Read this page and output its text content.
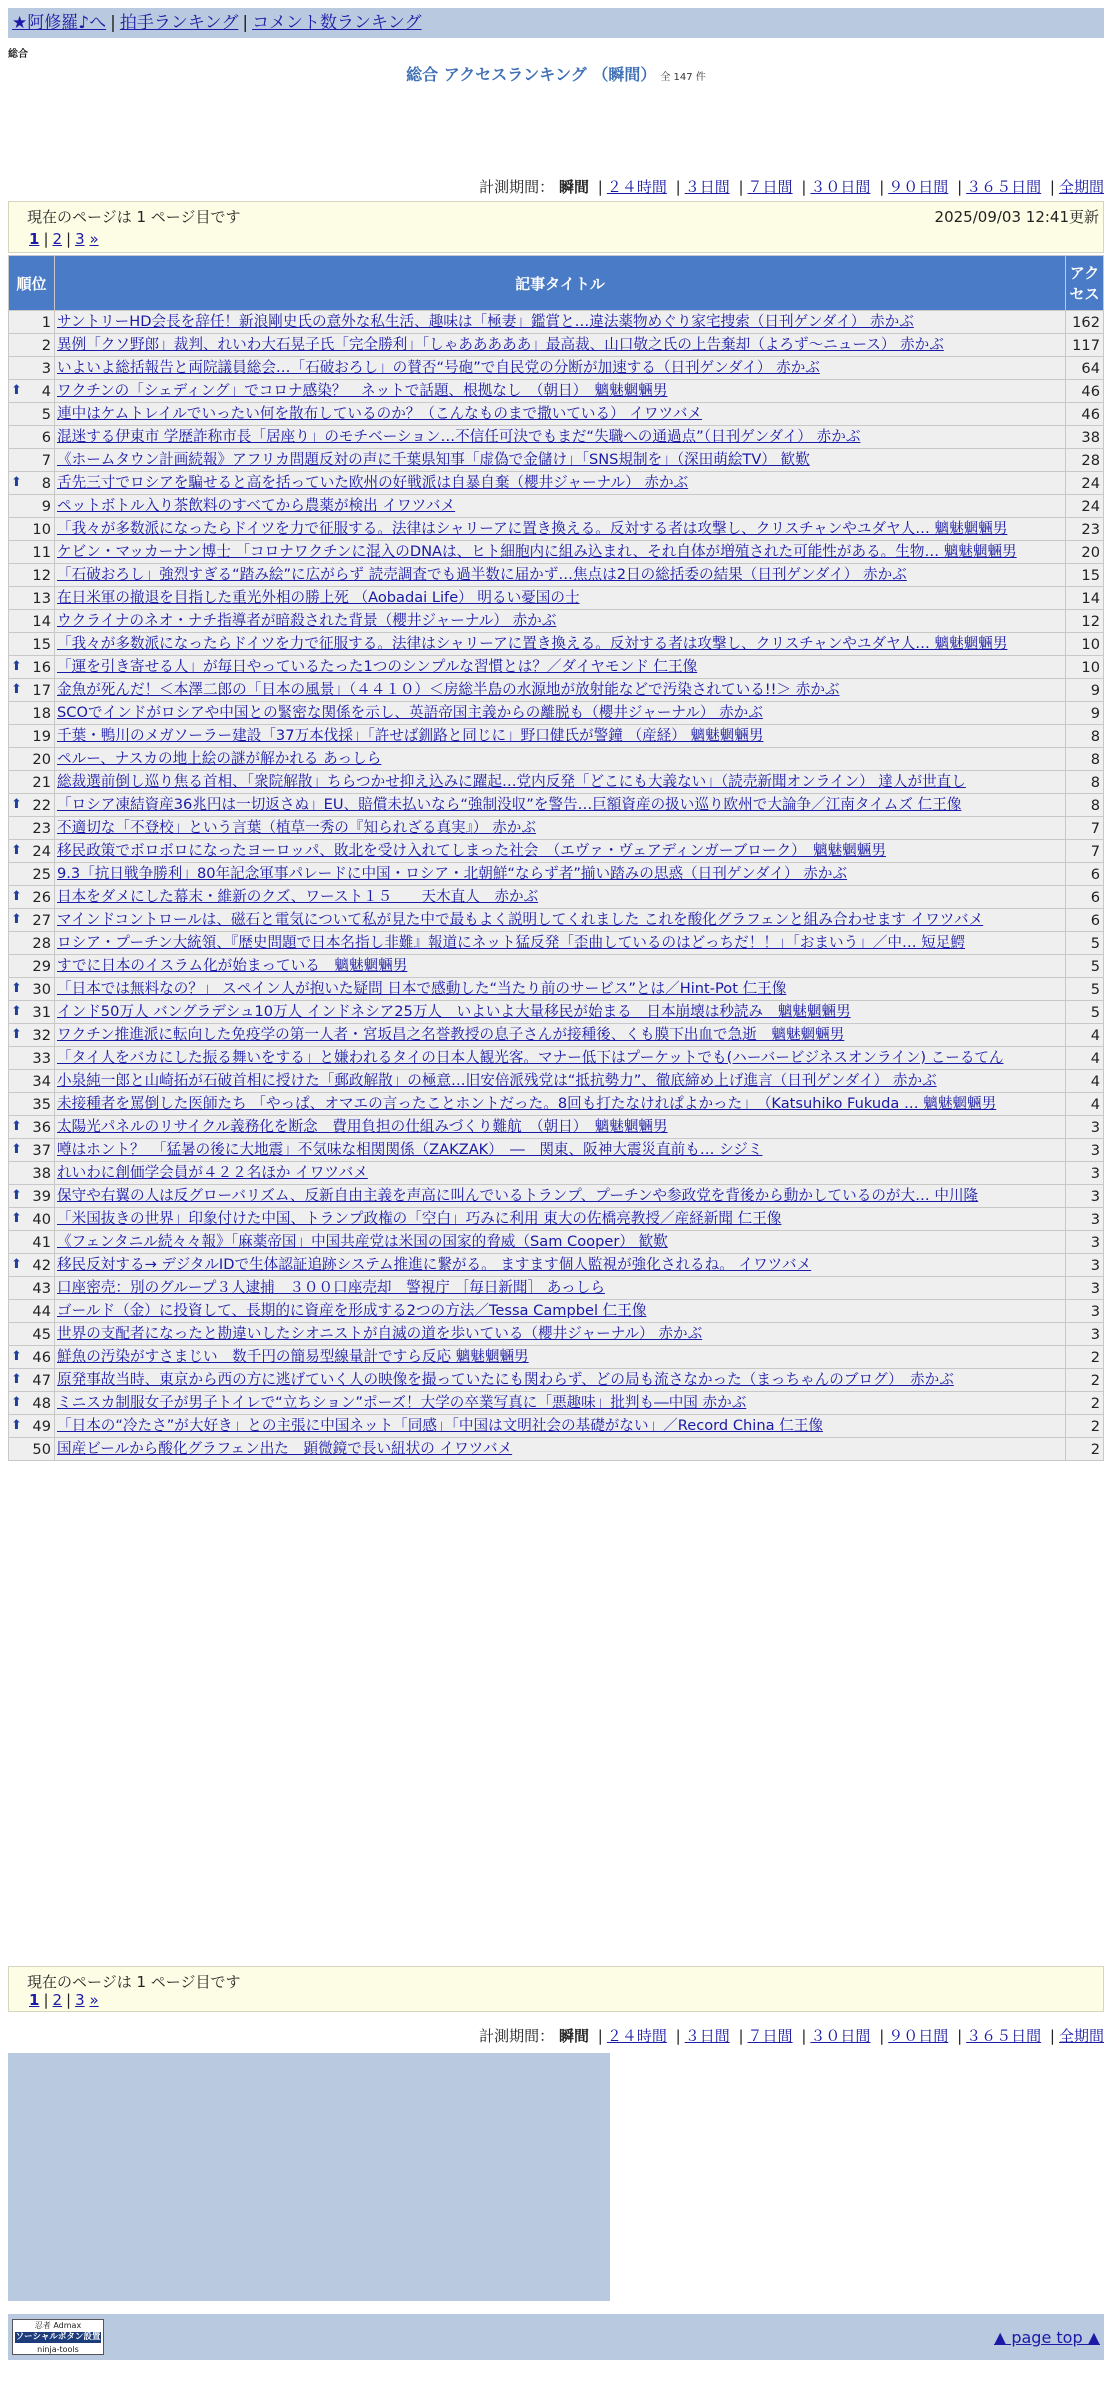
★阿修羅♪へ | 拍手ランキング | コメント数ランキング
総合
総合 アクセスランキング （瞬間） 全 147 件
計測期間： 瞬間 | ２４時間 | ３日間 | ７日間 | ３０日間 | ９０日間 | ３６５日間 | 全期間
現在のページは 1 ページ目です	2025/09/03 12:41更新
1 | 2 | 3 »
順位	記事タイトル	アクセス
1	サントリーHD会長を辞任！新浪剛史氏の意外な私生活、趣味は「極妻」鑑賞と…違法薬物めぐり家宅捜索（日刊ゲンダイ） 赤かぶ	162
2	異例「クソ野郎」裁判、れいわ大石晃子氏「完全勝利」「しゃあああああ」最高裁、山口敬之氏の上告棄却（よろず〜ニュース） 赤かぶ	117
3	いよいよ総括報告と両院議員総会…「石破おろし」の賛否“号砲”で自民党の分断が加速する（日刊ゲンダイ） 赤かぶ	64

⬆ 4	ワクチンの「シェディング」でコロナ感染？　ネットで話題、根拠なし　（朝日）　魑魅魍魎男	46
5	連中はケムトレイルでいったい何を散布しているのか？（こんなものまで撒いている） イワツバメ	46
6	混迷する伊東市 学歴詐称市長「居座り」のモチベーション…不信任可決でもまだ“失職への通過点”（日刊ゲンダイ） 赤かぶ	38
7	《ホームタウン計画続報》アフリカ問題反対の声に千葉県知事「虚偽で金儲け」「SNS規制を」（深田萌絵TV） 歓歎	28

⬆ 8	舌先三寸でロシアを騙せると高を括っていた欧州の好戦派は自暴自棄（櫻井ジャーナル） 赤かぶ	24
9	ペットボトル入り茶飲料のすべてから農薬が検出 イワツバメ	24
10	「我々が多数派になったらドイツを力で征服する。法律はシャリーアに置き換える。反対する者は攻撃し、クリスチャンやユダヤ人… 魑魅魍魎男	23
11	ケビン・マッカーナン博士 「コロナワクチンに混入のDNAは、ヒト細胞内に組み込まれ、それ自体が増殖された可能性がある。生物… 魑魅魍魎男	20
12	「石破おろし」強烈すぎる“踏み絵”に広がらず 読売調査でも過半数に届かず…焦点は2日の総括委の結果（日刊ゲンダイ） 赤かぶ	15
13	在日米軍の撤退を目指した重光外相の勝上死 （Aobadai Life） 明るい憂国の士	14
14	ウクライナのネオ・ナチ指導者が暗殺された背景（櫻井ジャーナル） 赤かぶ	12
15	「我々が多数派になったらドイツを力で征服する。法律はシャリーアに置き換える。反対する者は攻撃し、クリスチャンやユダヤ人… 魑魅魍魎男	10

⬆ 16	「運を引き寄せる人」が毎日やっているたった1つのシンプルな習慣とは？／ダイヤモンド 仁王像	10

⬆ 17	金魚が死んだ！＜本澤二郎の「日本の風景」（４４１０）＜房総半島の水源地が放射能などで汚染されている!!＞ 赤かぶ	9
18	SCOでインドがロシアや中国との緊密な関係を示し、英語帝国主義からの離脱も（櫻井ジャーナル） 赤かぶ	9
19	千葉・鴨川のメガソーラー建設「37万本伐採」「許せば釧路と同じに」野口健氏が警鐘 （産経） 魑魅魍魎男	8
20	ペルー、ナスカの地上絵の謎が解かれる あっしら	8
21	総裁選前倒し巡り焦る首相、「衆院解散」ちらつかせ抑え込みに躍起…党内反発「どこにも大義ない」（読売新聞オンライン） 達人が世直し	8

⬆ 22	「ロシア凍結資産36兆円は一切返さぬ」EU、賠償未払いなら“強制没収”を警告…巨額資産の扱い巡り欧州で大論争／江南タイムズ 仁王像	8
23	不適切な「不登校」という言葉（植草一秀の『知られざる真実』） 赤かぶ	7

⬆ 24	移民政策でボロボロになったヨーロッパ、敗北を受け入れてしまった社会　（エヴァ・ヴェアディンガーブローク）　魑魅魍魎男	7
25	9.3「抗日戦争勝利」80年記念軍事パレードに中国・ロシア・北朝鮮“ならず者”揃い踏みの思惑（日刊ゲンダイ） 赤かぶ	6

⬆ 26	日本をダメにした幕末・維新のクズ、ワースト１５　　天木直人　赤かぶ	6

⬆ 27	マインドコントロールは、磁石と電気について私が見た中で最もよく説明してくれました これを酸化グラフェンと組み合わせます イワツバメ	6
28	ロシア・プーチン大統領、『歴史問題で日本名指し非難』報道にネット猛反発「歪曲しているのはどっちだ！！」「おまいう」／中… 短足鰐	5
29	すでに日本のイスラム化が始まっている　魑魅魍魎男	5

⬆ 30	「日本では無料なの？」 スペイン人が抱いた疑問 日本で感動した“当たり前のサービス”とは／Hint-Pot 仁王像	5

⬆ 31	インド50万人 バングラデシュ10万人 インドネシア25万人　いよいよ大量移民が始まる　日本崩壊は秒読み　魑魅魍魎男	5

⬆ 32	ワクチン推進派に転向した免疫学の第一人者・宮坂昌之名誉教授の息子さんが接種後、くも膜下出血で急逝　魑魅魍魎男	4
33	「タイ人をバカにした振る舞いをする」と嫌われるタイの日本人観光客。マナー低下はプーケットでも(ハーバービジネスオンライン) こーるてん	4
34	小泉純一郎と山崎拓が石破首相に授けた「郵政解散」の極意…旧安倍派残党は“抵抗勢力”、徹底締め上げ進言（日刊ゲンダイ） 赤かぶ	4
35	未接種者を罵倒した医師たち 「やっぱ、オマエの言ったことホントだった。8回も打たなけれぱよかった」　（Katsuhiko Fukuda … 魑魅魍魎男	4

⬆ 36	太陽光パネルのリサイクル義務化を断念　費用負担の仕組みづくり難航　（朝日）　魑魅魍魎男	3

⬆ 37	噂はホント？　「猛暑の後に大地震」不気味な相関関係（ZAKZAK）　―　関東、阪神大震災直前も… シジミ	3
38	れいわに創価学会員が４２２名ほか イワツバメ	3

⬆ 39	保守や右翼の人は反グローバリズム、反新自由主義を声高に叫んでいるトランプ、プーチンや参政党を背後から動かしているのが大… 中川隆	3

⬆ 40	「米国抜きの世界」印象付けた中国、トランプ政権の「空白」巧みに利用 東大の佐橋亮教授／産経新聞 仁王像	3
41	《フェンタニル続々々報》「麻薬帝国」中国共産党は米国の国家的脅威（Sam Cooper） 歓歎	3

⬆ 42	移民反対する→ デジタルIDで生体認証追跡システム推進に繋がる。 ますます個人監視が強化されるね。 イワツバメ	3
43	口座密売：別のグループ３人逮捕　３００口座売却　警視庁 ［毎日新聞］ あっしら	3
44	ゴールド（金）に投資して、長期的に資産を形成する2つの方法／Tessa Campbel 仁王像	3
45	世界の支配者になったと勘違いしたシオニストが自滅の道を歩いている（櫻井ジャーナル） 赤かぶ	3

⬆ 46	鮮魚の汚染がすさまじい　数千円の簡易型線量計ですら反応 魑魅魍魎男	2

⬆ 47	原発事故当時、東京から西の方に逃げていく人の映像を撮っていたにも関わらず、どの局も流さなかった（まっちゃんのブログ）　赤かぶ	2

⬆ 48	ミニスカ制服女子が男子トイレで“立ちション”ポーズ！大学の卒業写真に「悪趣味」批判も―中国 赤かぶ	2

⬆ 49	「日本の“冷たさ”が大好き」との主張に中国ネット「同感」「中国は文明社会の基礎がない」／Record China 仁王像	2
50	国産ビールから酸化グラフェン出た　顕微鏡で長い紐状の イワツバメ	2
現在のページは 1 ページ目です
1 | 2 | 3 »
計測期間： 瞬間 | ２４時間 | ３日間 | ７日間 | ３０日間 | ９０日間 | ３６５日間 | 全期間
忍者 Admax
ソーシャルボタン設置
ninja-tools
▲ page top ▲
